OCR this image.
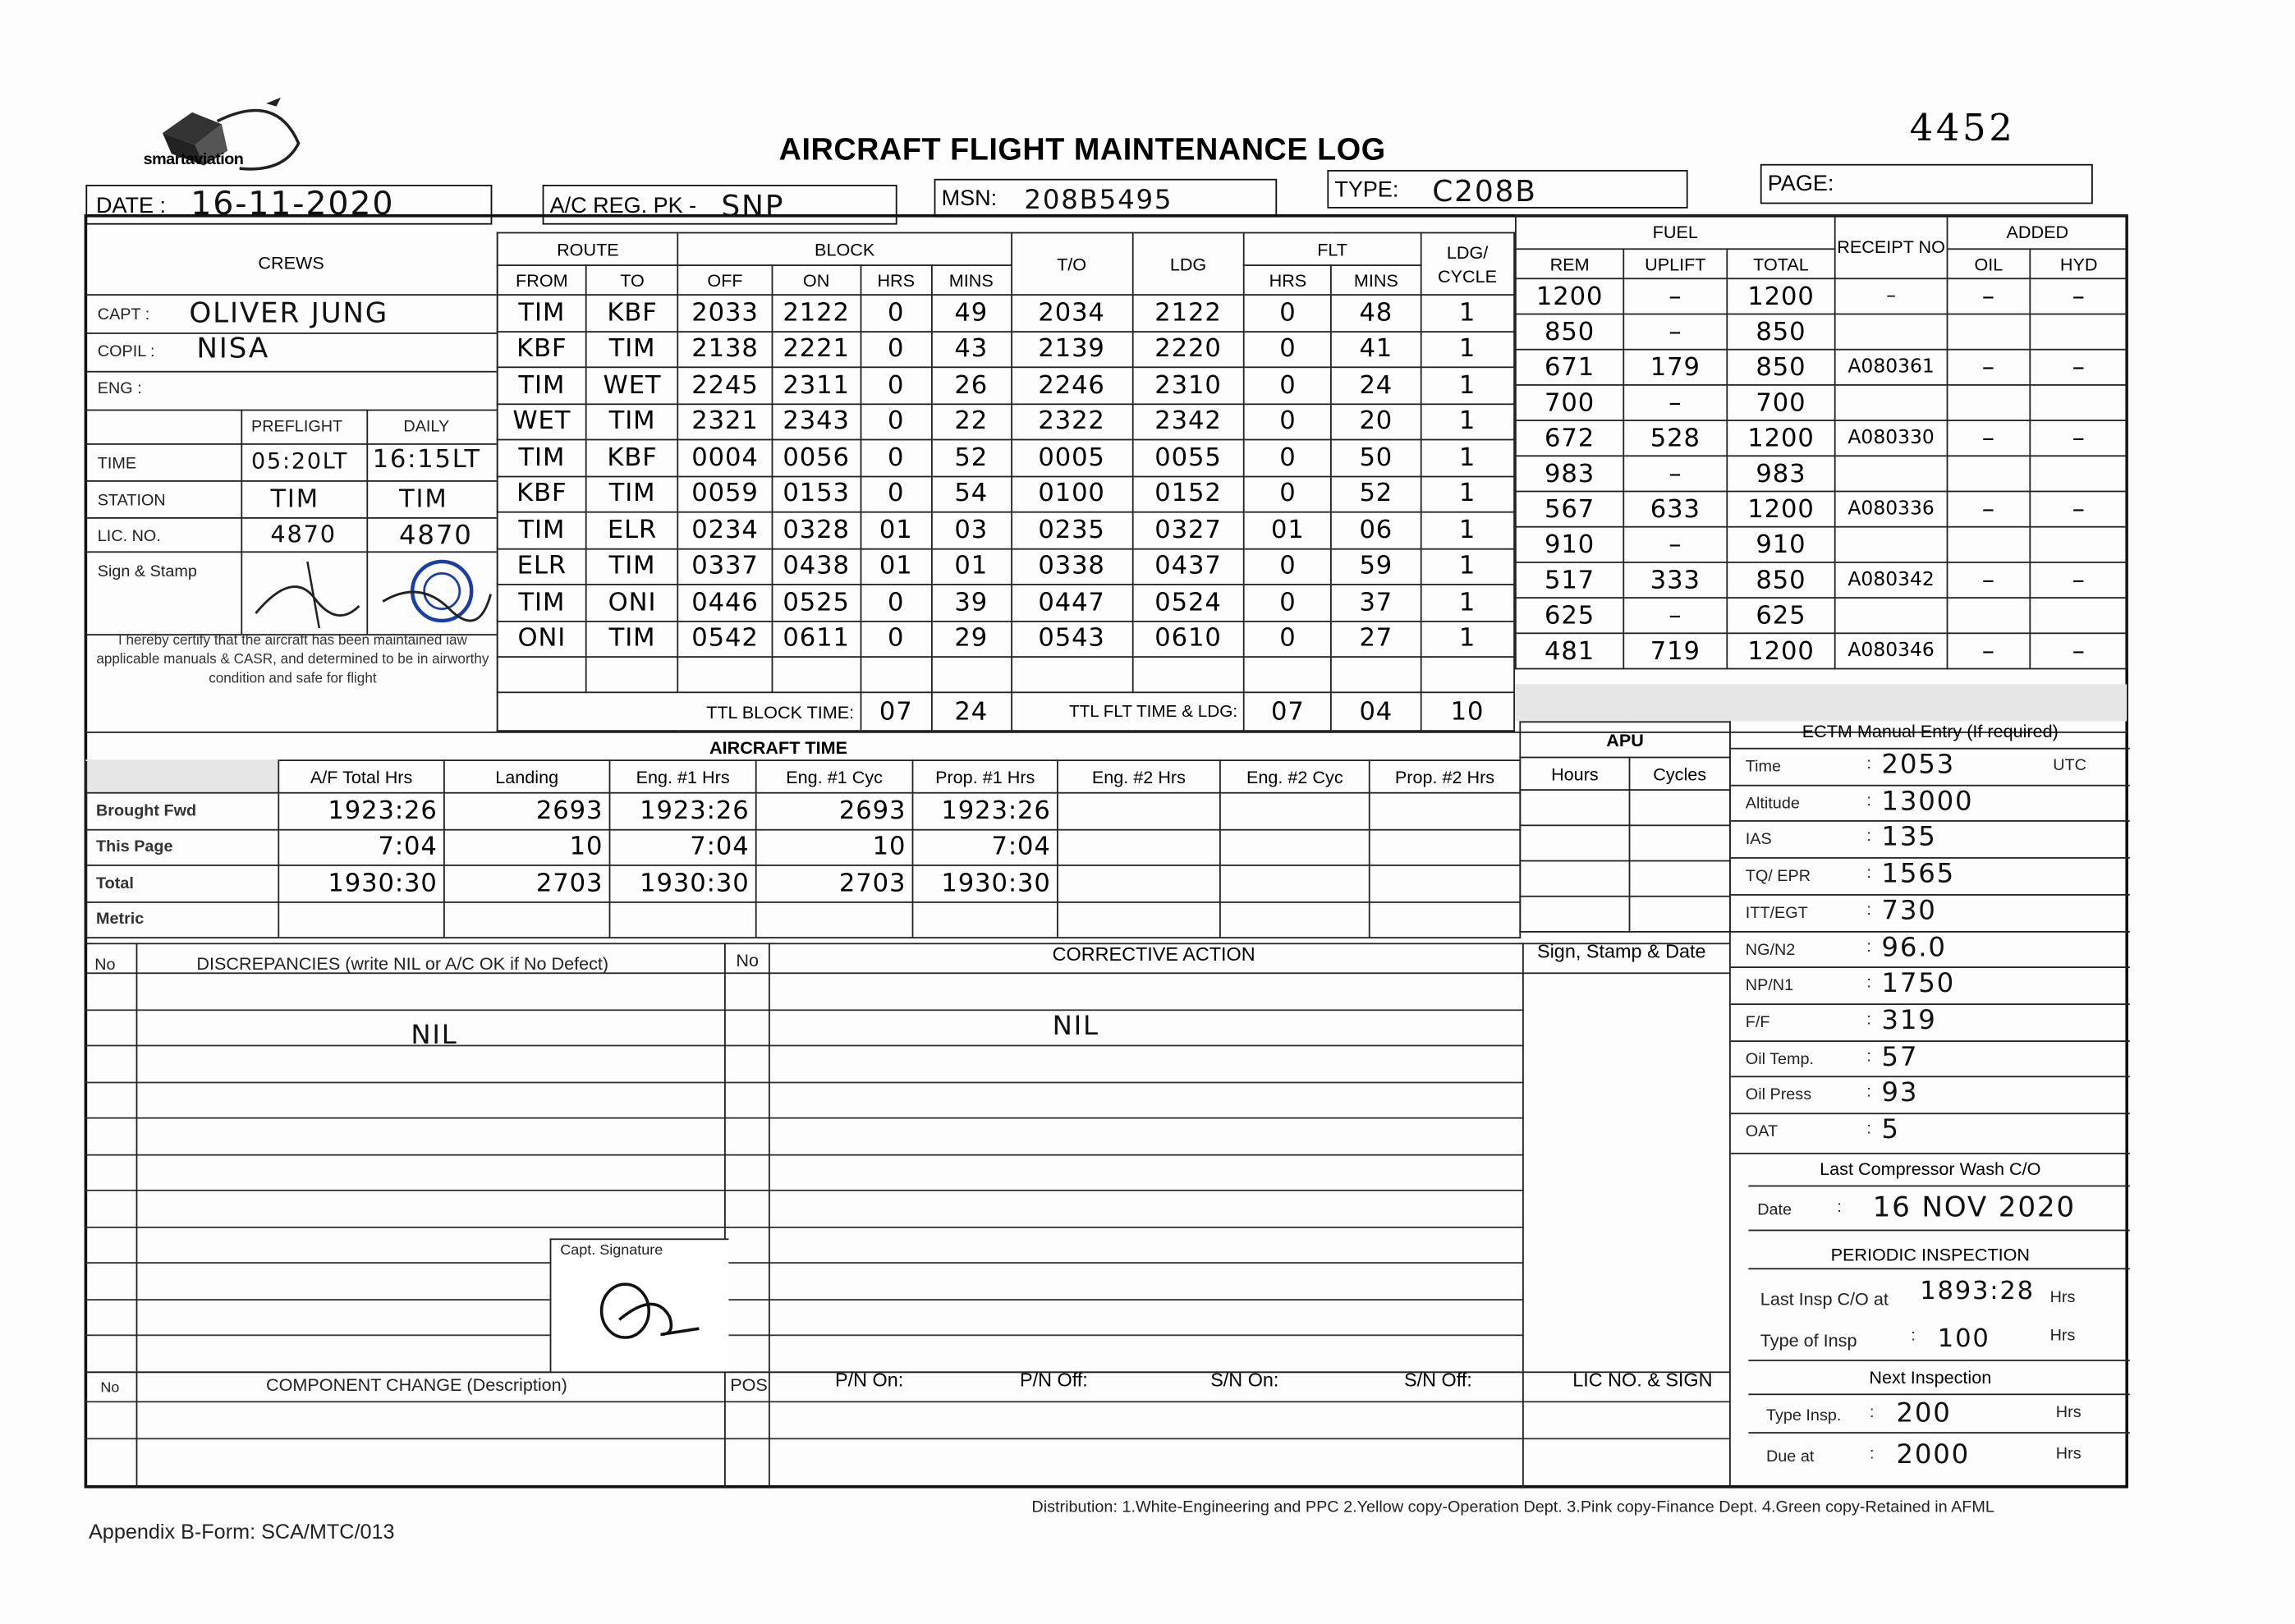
smartaviation	AIRCRAFT FLIGHT MAINTENANCE LOG
4452
DATE : 16-11-2020	A/C REG. PK - SNP	MSN: 208B5495	TYPE: C208B	PAGE:
CREWS
CAPT :	OLIVER JUNG
COPIL :	NISA
ENG :
PREFLIGHT	DAILY
TIME	05:20LT 16:15LT
STATION	TIM	TIM
LIC. NO.	4870	4870
Sign & Stamp
I hereby certify that the aircraft has been maintained iaw applicable manuals & CASR, and determined to be in airworthy condition and safe for flight
ROUTE		BLOCK				T/O	LDG	FLT		LDG/ CYCLE
FROM	TO	OFF	ON	HRS	MINS			HRS	MINS	
TIM	KBF	2033	2122	0	49	2034	2122	0	48	1
KBF	TIM	2138	2221	0	43	2139	2220	0	41	1
TIM	WET	2245	2311	0	26	2246	2310	0	24	1
WET	TIM	2321	2343	0	22	2322	2342	0	20	1
TIM	KBF	0004	0056	0	52	0005	0055	0	50	1
KBF	TIM	0059	0153	0	54	0100	0152	0	52	1
TIM	ELR	0234	0328	01	03	0235	0327	01	06	1
ELR	TIM	0337	0438	01	01	0338	0437	0	59	1
TIM	ONI	0446	0525	0	39	0447	0524	0	37	1
ONI	TIM	0542	0611	0	29	0543	0610	0	27	1

TTL BLOCK TIME:				07	24	TTL FLT TIME & LDG:		07	04	10
FUEL			RECEIPT NO	ADDED	
REM	UPLIFT	TOTAL		OIL	HYD
1200	–	1200	–	–	–
850	–	850			
671	179	850	A080361	–	–
700	–	700			
672	528	1200	A080330	–	–
983	–	983			
567	633	1200	A080336	–	–
910	–	910			
517	333	850	A080342	–	–
625	–	625			
481	719	1200	A080346	–	–
AIRCRAFT TIME
	A/F Total Hrs	Landing	Eng. #1 Hrs	Eng. #1 Cyc	Prop. #1 Hrs	Eng. #2 Hrs	Eng. #2 Cyc	Prop. #2 Hrs
Brought Fwd	1923:26	2693	1923:26	2693	1923:26			
This Page	7:04	10	7:04	10	7:04			
Total	1930:30	2703	1930:30	2703	1930:30			
Metric								
APU	
Hours	Cycles

ECTM Manual Entry (If required)
Time	: 2053	UTC
Altitude	: 13000
IAS	: 135
TQ/ EPR	: 1565
ITT/EGT	: 730
NG/N2	: 96.0
NP/N1	: 1750
F/F	: 319
Oil Temp.	: 57
Oil Press	: 93
OAT	: 5
Last Compressor Wash C/O
Date	: 16 NOV 2020
PERIODIC INSPECTION
Last Insp C/O at 1893:28 Hrs
Type of Insp	: 100	Hrs
Next Inspection
Type Insp.	: 200	Hrs
Due at	: 2000	Hrs
No	DISCREPANCIES (write NIL or A/C OK if No Defect)	No	CORRECTIVE ACTION	Sign, Stamp & Date
NIL	NIL
Capt. Signature
No	COMPONENT CHANGE (Description)	POS	P/N On:	P/N Off:	S/N On:	S/N Off:	LIC NO. & SIGN
Appendix B-Form: SCA/MTC/013
Distribution: 1.White-Engineering and PPC 2.Yellow copy-Operation Dept. 3.Pink copy-Finance Dept. 4.Green copy-Retained in AFML
